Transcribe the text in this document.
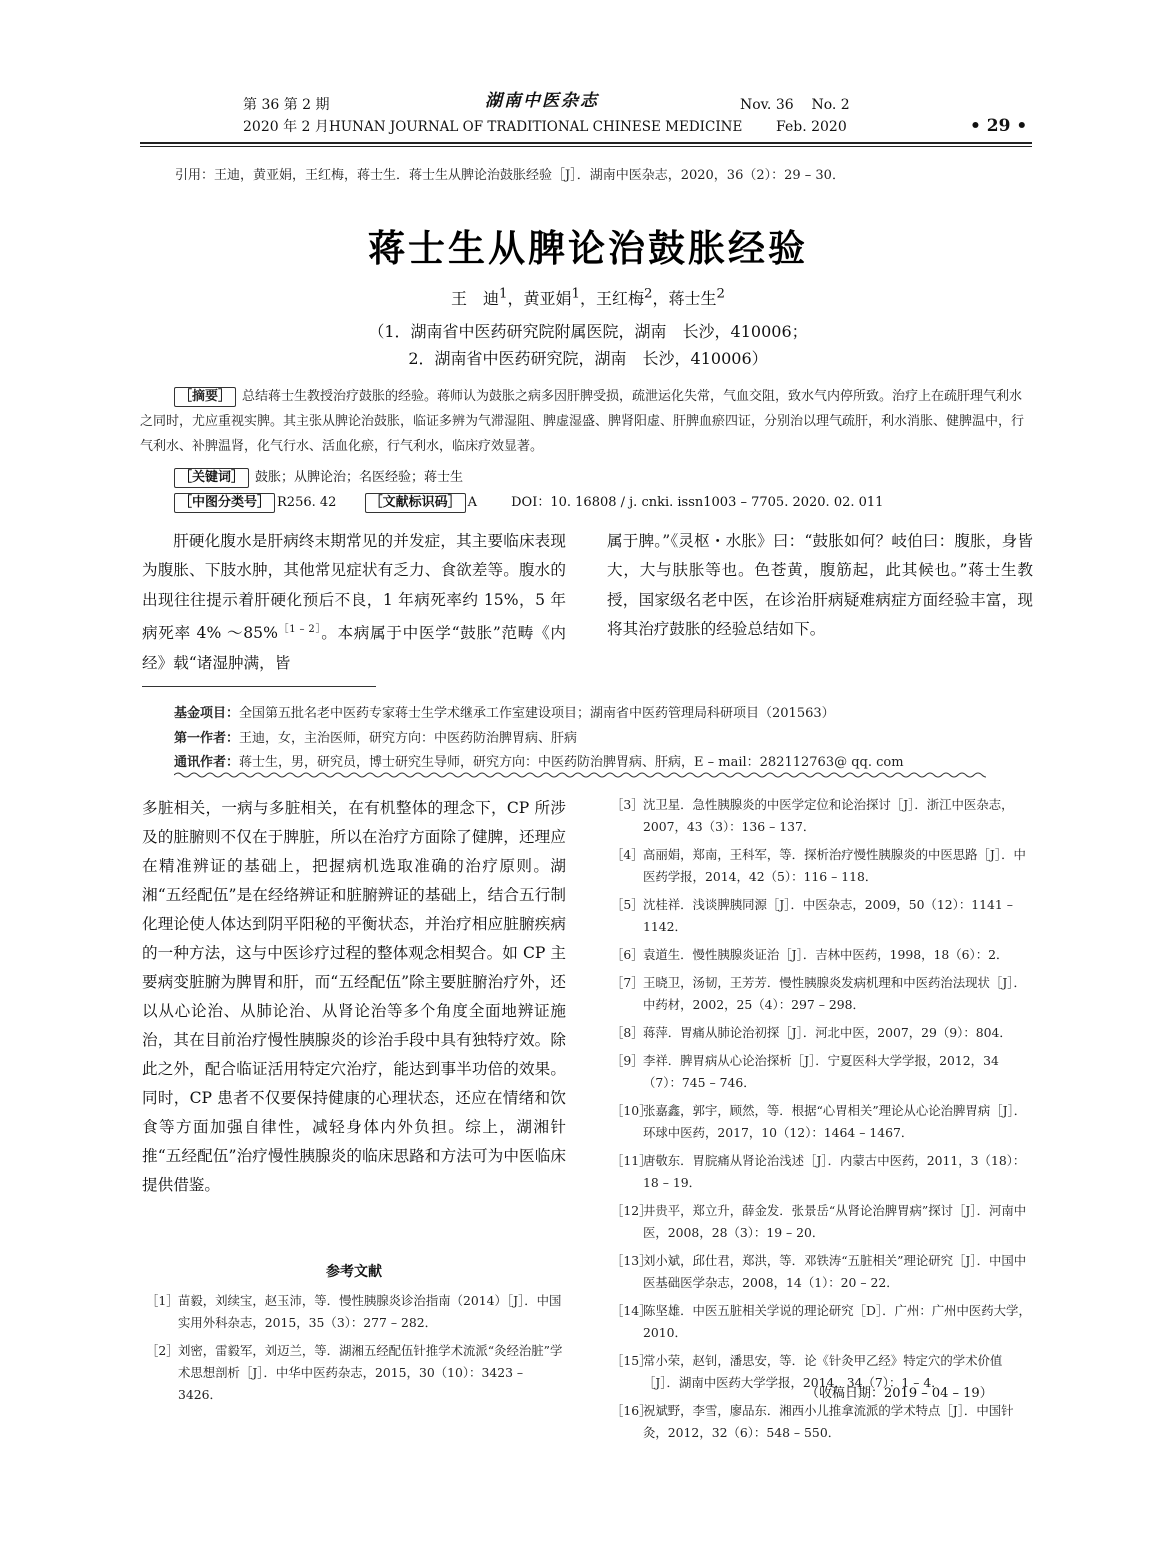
第 36 第 2 期	湖南中医杂志	Nov. 36    No. 2
2020 年 2 月 HUNAN JOURNAL OF TRADITIONAL CHINESE MEDICINE Feb. 2020	• 29 •
引用：王迪，黄亚娟，王红梅，蒋士生．蒋士生从脾论治鼓胀经验［J］．湖南中医杂志，2020，36（2）：29 – 30．
蒋士生从脾论治鼓胀经验
王　迪$^1$，黄亚娟$^1$，王红梅$^2$，蒋士生$^2$
（1．湖南省中医药研究院附属医院，湖南　长沙，410006；
2．湖南省中医药研究院，湖南　长沙，410006）
［摘要］ 总结蒋士生教授治疗鼓胀的经验。蒋师认为鼓胀之病多因肝脾受损，疏泄运化失常，气血交阻，致水气内停所致。治疗上在疏肝理气利水之同时，尤应重视实脾。其主张从脾论治鼓胀，临证多辨为气滞湿阻、脾虚湿盛、脾肾阳虚、肝脾血瘀四证，分别治以理气疏肝，利水消胀、健脾温中，行气利水、补脾温肾，化气行水、活血化瘀，行气利水，临床疗效显著。
［关键词］ 鼓胀；从脾论治；名医经验；蒋士生
［中图分类号］ R256. 42	［文献标识码］ A	DOI：10. 16808 / j. cnki. issn1003 – 7705. 2020. 02. 011

肝硬化腹水是肝病终末期常见的并发症，其主要临床表现为腹胀、下肢水肿，其他常见症状有乏力、食欲差等。腹水的出现往往提示着肝硬化预后不良，1 年病死率约 15%，5 年病死率 4% ～85%$^{[1 - 2]}$。本病属于中医学“鼓胀”范畴《内经》载“诸湿肿满，皆

属于脾。”《灵枢・水胀》曰：“鼓胀如何？岐伯曰：腹胀，身皆大，大与肤胀等也。色苍黄，腹筋起，此其候也。”蒋士生教授，国家级名老中医，在诊治肝病疑难病症方面经验丰富，现将其治疗鼓胀的经验总结如下。

基金项目：全国第五批名老中医药专家蒋士生学术继承工作室建设项目；湖南省中医药管理局科研项目（201563）
第一作者：王迪，女，主治医师，研究方向：中医药防治脾胃病、肝病
通讯作者：蒋士生，男，研究员，博士研究生导师，研究方向：中医药防治脾胃病、肝病，E – mail：282112763@ qq. com

多脏相关，一病与多脏相关，在有机整体的理念下，CP 所涉及的脏腑则不仅在于脾脏，所以在治疗方面除了健脾，还理应在精准辨证的基础上，把握病机选取准确的治疗原则。湖湘“五经配伍”是在经络辨证和脏腑辨证的基础上，结合五行制化理论使人体达到阴平阳秘的平衡状态，并治疗相应脏腑疾病的一种方法，这与中医诊疗过程的整体观念相契合。如 CP 主要病变脏腑为脾胃和肝，而“五经配伍”除主要脏腑治疗外，还以从心论治、从肺论治、从肾论治等多个角度全面地辨证施治，其在目前治疗慢性胰腺炎的诊治手段中具有独特疗效。除此之外，配合临证活用特定穴治疗，能达到事半功倍的效果。同时，CP 患者不仅要保持健康的心理状态，还应在情绪和饮食等方面加强自律性，减轻身体内外负担。综上，湖湘针推“五经配伍”治疗慢性胰腺炎的临床思路和方法可为中医临床提供借鉴。

参考文献
［1］ 苗毅，刘续宝，赵玉沛，等．慢性胰腺炎诊治指南（2014）［J］．中国实用外科杂志，2015，35（3）：277 – 282．
［2］ 刘密，雷毅军，刘迈兰，等．湖湘五经配伍针推学术流派“灸经治脏”学术思想剖析［J］．中华中医药杂志，2015，30（10）：3423 – 3426．
［3］ 沈卫星．急性胰腺炎的中医学定位和论治探讨［J］．浙江中医杂志，2007，43（3）：136 – 137．
［4］ 高丽娟，郑南，王科军，等．探析治疗慢性胰腺炎的中医思路［J］．中医药学报，2014，42（5）：116 – 118．
［5］ 沈桂祥．浅谈脾胰同源［J］．中医杂志，2009，50（12）：1141 – 1142．
［6］ 袁道生．慢性胰腺炎证治［J］．吉林中医药，1998，18（6）：2．
［7］ 王晓卫，汤韧，王芳芳．慢性胰腺炎发病机理和中医药治法现状［J］．中药材，2002，25（4）：297 – 298．
［8］ 蒋萍．胃痛从肺论治初探［J］．河北中医，2007，29（9）：804．
［9］ 李祥．脾胃病从心论治探析［J］．宁夏医科大学学报，2012，34（7）：745 – 746．
［10］
张嘉鑫，郭宇，顾然，等．根据“心胃相关”理论从心论治脾胃病［J］．环球中医药，2017，10（12）：1464 – 1467．
［11］
唐敬东．胃脘痛从肾论治浅述［J］．内蒙古中医药，2011，3（18）：18 – 19．
［12］
井贵平，郑立升，薛金发．张景岳“从肾论治脾胃病”探讨［J］．河南中医，2008，28（3）：19 – 20．
［13］
刘小斌，邱仕君，郑洪，等．邓铁涛“五脏相关”理论研究［J］．中国中医基础医学杂志，2008，14（1）：20 – 22．
［14］
陈坚雄．中医五脏相关学说的理论研究［D］．广州：广州中医药大学，2010．
［15］
常小荣，赵钊，潘思安，等．论《针灸甲乙经》特定穴的学术价值［J］．湖南中医药大学学报，2014，34（7）：1 – 4．
［16］
祝斌野，李雪，廖品东．湘西小儿推拿流派的学术特点［J］．中国针灸，2012，32（6）：548 – 550．
（收稿日期：2019 – 04 – 19）
